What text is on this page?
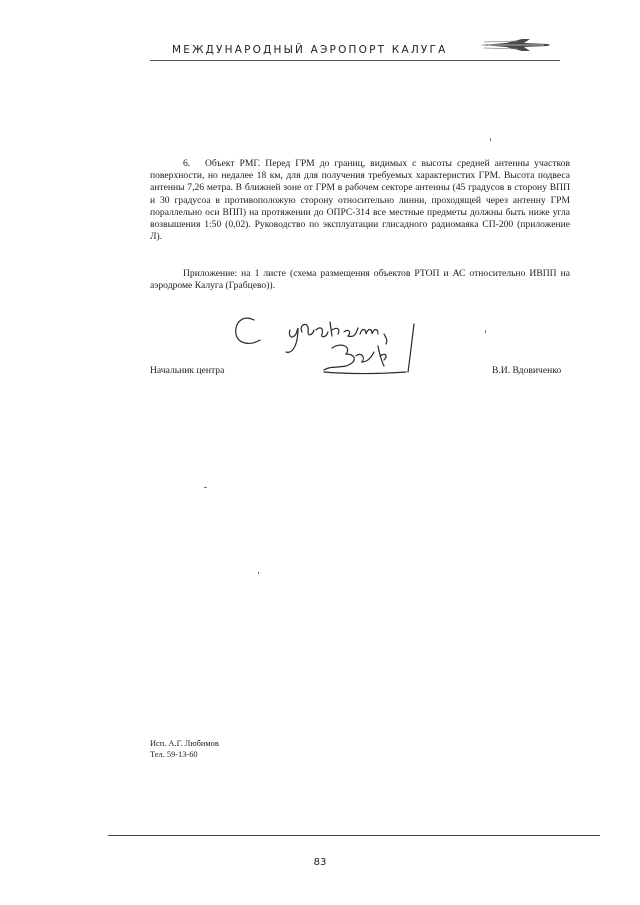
МЕЖДУНАРОДНЫЙ АЭРОПОРТ КАЛУГА
6. Объект РМГ. Перед ГРМ до границ, видимых с высоты средней антенны участков поверхности, но недалее 18 км, для для получения требуемых характеристих ГРМ. Высота подвеса антенны 7,26 метра. В ближней зоне от ГРМ в рабочем секторе антенны (45 градусов в сторону ВПП и 30 градусоа в противоположую сторону относительно линни, проходящей через антенну ГРМ пораллельно оси ВПП) на протяжении до ОПРС-314 все местные предметы должны быть ниже угла возвышения 1:50 (0,02). Руководство по эксплуатации глисадного радиомаяка СП-200 (приложение Л).
Приложение: на 1 листе (схема размещения объектов РТОП и АС относительно ИВПП на аэродроме Калуга (Грабцево)).
Начальник центра	В.И. Вдовиченко
Исп. А.Г. Любимов
Тел. 59-13-60
83
